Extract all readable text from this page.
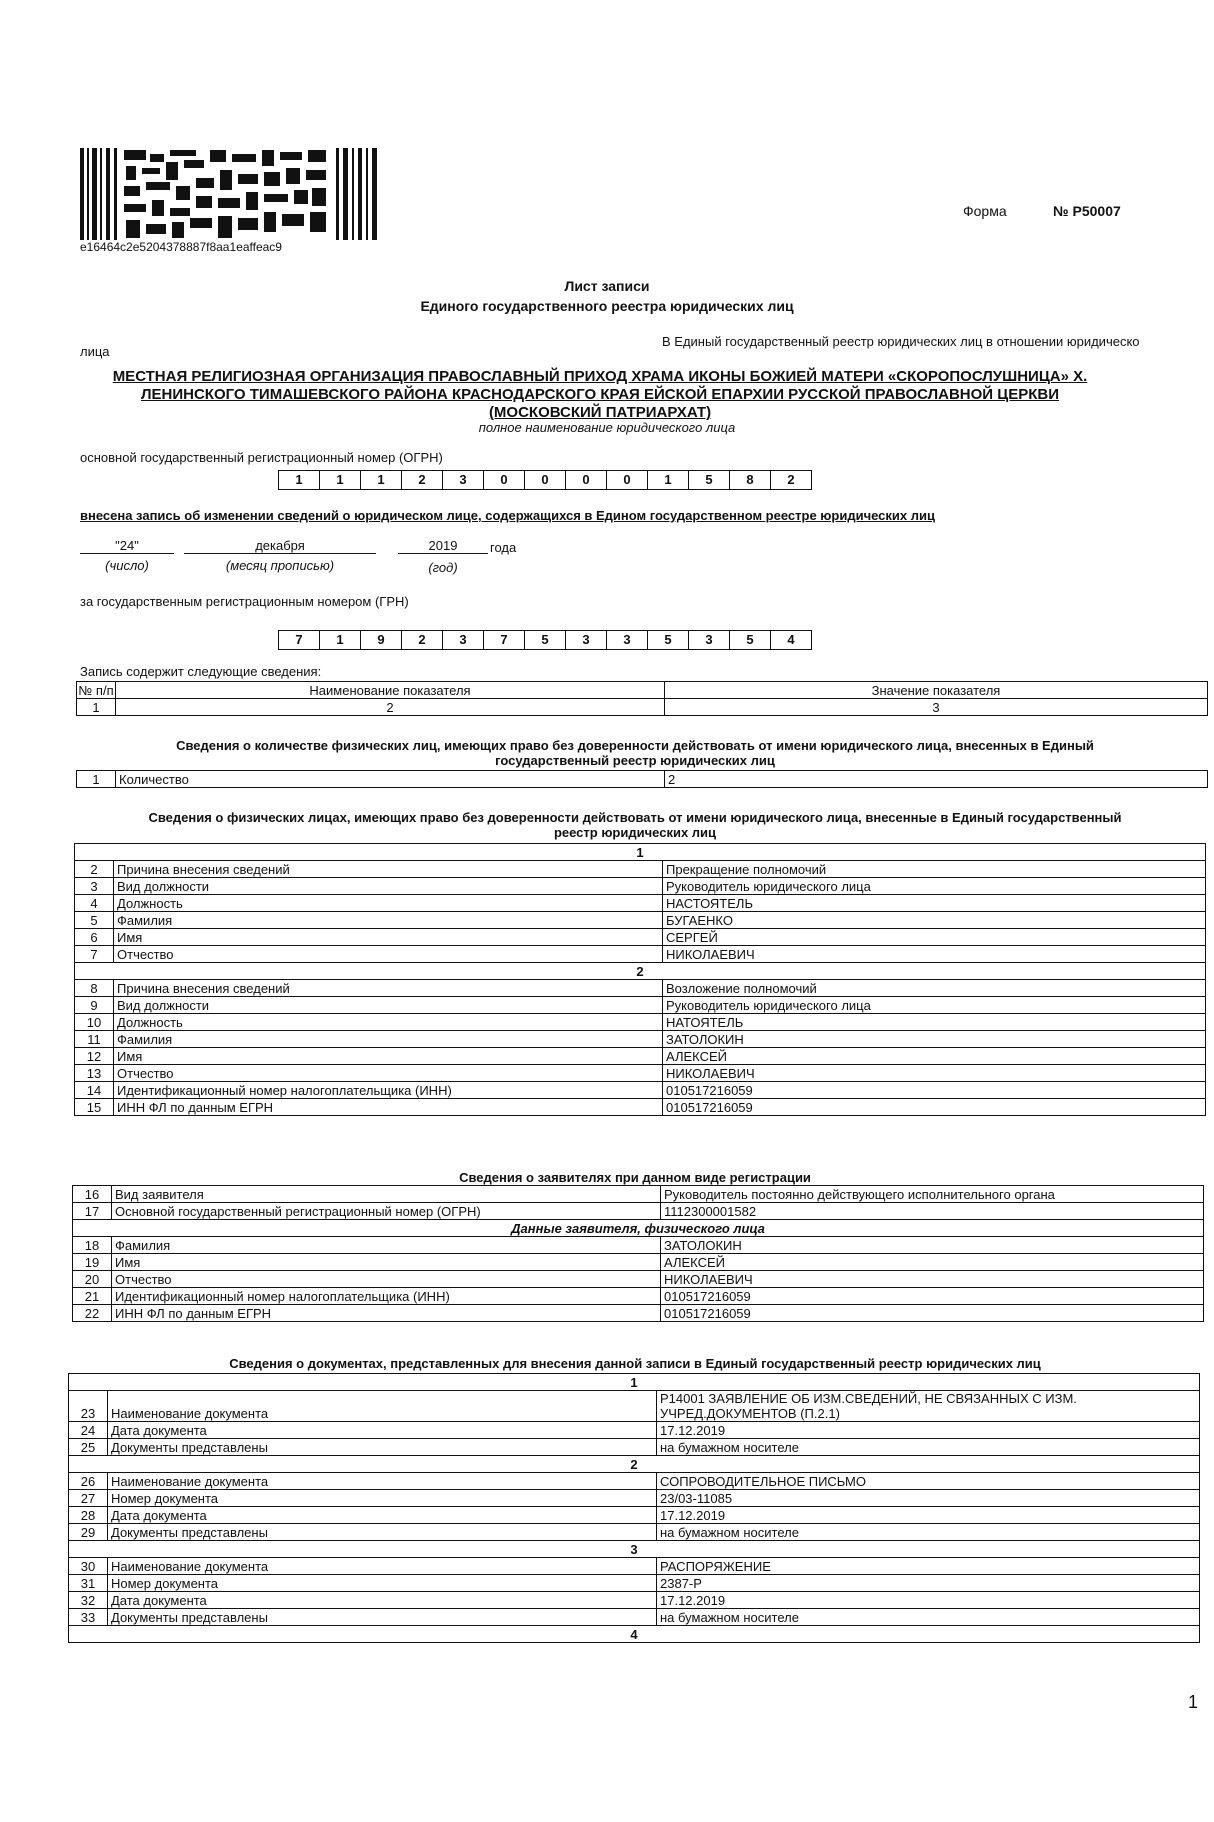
e16464c2e5204378887f8aa1eaffeac9
Форма	№ Р50007
Лист записи
Единого государственного реестра юридических лиц
В Единый государственный реестр юридических лиц в отношении юридическо
лица
МЕСТНАЯ РЕЛИГИОЗНАЯ ОРГАНИЗАЦИЯ ПРАВОСЛАВНЫЙ ПРИХОД ХРАМА ИКОНЫ БОЖИЕЙ МАТЕРИ «СКОРОПОСЛУШНИЦА» Х.
ЛЕНИНСКОГО ТИМАШЕВСКОГО РАЙОНА КРАСНОДАРСКОГО КРАЯ ЕЙСКОЙ ЕПАРХИИ РУССКОЙ ПРАВОСЛАВНОЙ ЦЕРКВИ
(МОСКОВСКИЙ ПАТРИАРХАТ)
полное наименование юридического лица
основной государственный регистрационный номер (ОГРН)
1	1	1	2	3	0	0	0	0	1	5	8	2
внесена запись об изменении сведений о юридическом лице, содержащихся в Едином государственном реестре юридических лиц
"24"	декабря	2019	года
(число)	(месяц прописью)	(год)
за государственным регистрационным номером (ГРН)
7	1	9	2	3	7	5	3	3	5	3	5	4
Запись содержит следующие сведения:
№ п/п	Наименование показателя	Значение показателя
1	2	3
Сведения о количестве физических лиц, имеющих право без доверенности действовать от имени юридического лица, внесенных в Единый
государственный реестр юридических лиц
1	Количество	2
Сведения о физических лицах, имеющих право без доверенности действовать от имени юридического лица, внесенные в Единый государственный
реестр юридических лиц
1		
2	Причина внесения сведений	Прекращение полномочий
3	Вид должности	Руководитель юридического лица
4	Должность	НАСТОЯТЕЛЬ
5	Фамилия	БУГАЕНКО
6	Имя	СЕРГЕЙ
7	Отчество	НИКОЛАЕВИЧ
2		
8	Причина внесения сведений	Возложение полномочий
9	Вид должности	Руководитель юридического лица
10	Должность	НАТОЯТЕЛЬ
11	Фамилия	ЗАТОЛОКИН
12	Имя	АЛЕКСЕЙ
13	Отчество	НИКОЛАЕВИЧ
14	Идентификационный номер налогоплательщика (ИНН)	010517216059
15	ИНН ФЛ по данным ЕГРН	010517216059
Сведения о заявителях при данном виде регистрации
16	Вид заявителя	Руководитель постоянно действующего исполнительного органа
17	Основной государственный регистрационный номер (ОГРН)	1112300001582
Данные заявителя, физического лица		
18	Фамилия	ЗАТОЛОКИН
19	Имя	АЛЕКСЕЙ
20	Отчество	НИКОЛАЕВИЧ
21	Идентификационный номер налогоплательщика (ИНН)	010517216059
22	ИНН ФЛ по данным ЕГРН	010517216059
Сведения о документах, представленных для внесения данной записи в Единый государственный реестр юридических лиц
1		
23	Наименование документа	Р14001 ЗАЯВЛЕНИЕ ОБ ИЗМ.СВЕДЕНИЙ, НЕ СВЯЗАННЫХ С ИЗМ.
УЧРЕД.ДОКУМЕНТОВ (П.2.1)

24	Дата документа	17.12.2019
25	Документы представлены	на бумажном носителе
2		
26	Наименование документа	СОПРОВОДИТЕЛЬНОЕ ПИСЬМО
27	Номер документа	23/03-11085
28	Дата документа	17.12.2019
29	Документы представлены	на бумажном носителе
3		
30	Наименование документа	РАСПОРЯЖЕНИЕ
31	Номер документа	2387-Р
32	Дата документа	17.12.2019
33	Документы представлены	на бумажном носителе
4		
1
